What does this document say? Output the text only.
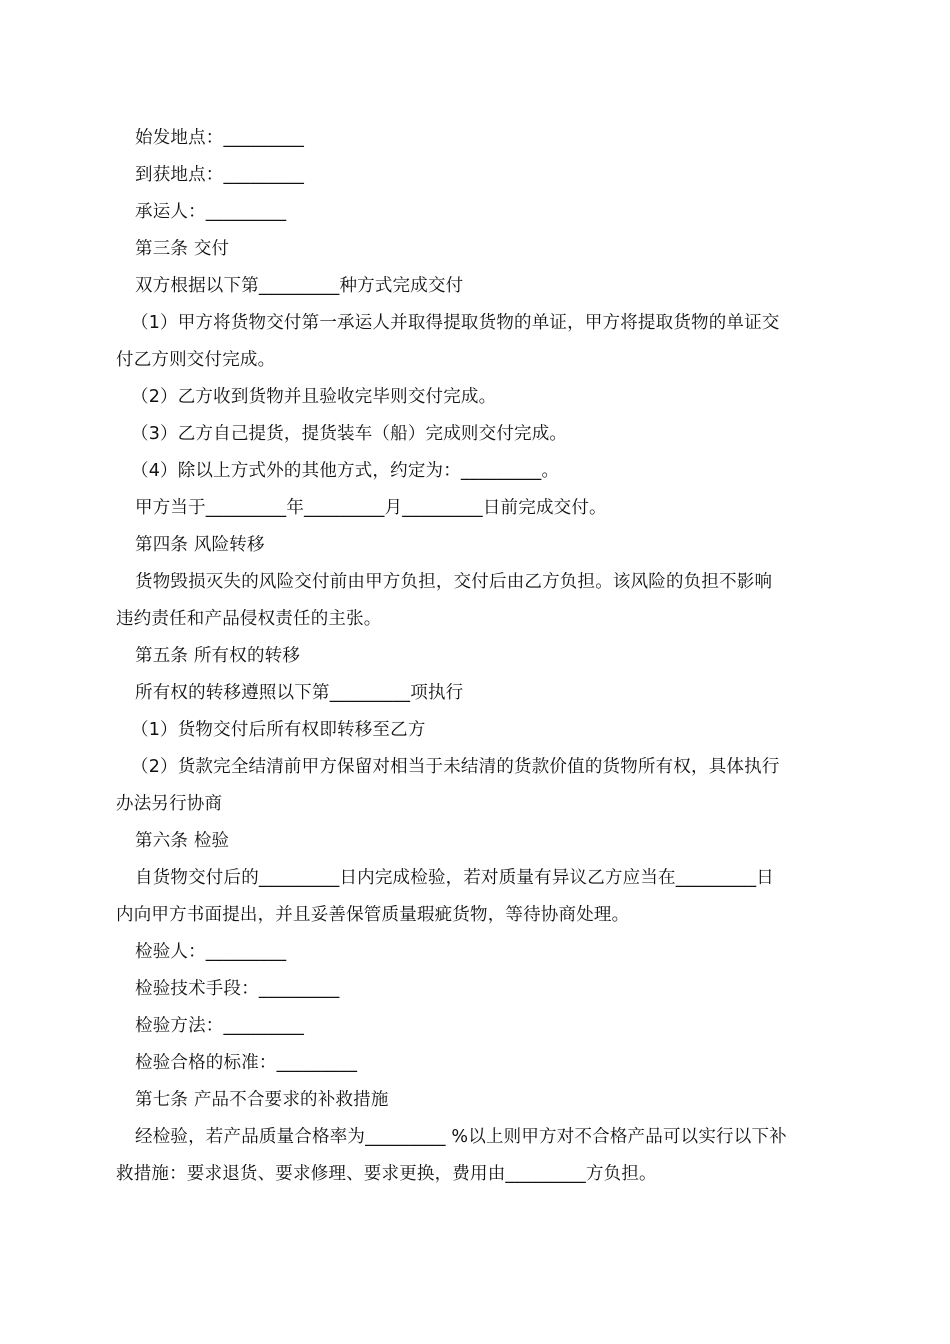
始发地点：_________
到获地点：_________
承运人：_________
第三条 交付
双方根据以下第_________种方式完成交付
（1）甲方将货物交付第一承运人并取得提取货物的单证，甲方将提取货物的单证交
付乙方则交付完成。
（2）乙方收到货物并且验收完毕则交付完成。
（3）乙方自己提货，提货装车（船）完成则交付完成。
（4）除以上方式外的其他方式，约定为：_________。
甲方当于_________年_________月_________日前完成交付。
第四条 风险转移
货物毁损灭失的风险交付前由甲方负担，交付后由乙方负担。该风险的负担不影响
违约责任和产品侵权责任的主张。
第五条 所有权的转移
所有权的转移遵照以下第_________项执行
（1）货物交付后所有权即转移至乙方
（2）货款完全结清前甲方保留对相当于未结清的货款价值的货物所有权，具体执行
办法另行协商
第六条 检验
自货物交付后的_________日内完成检验，若对质量有异议乙方应当在_________日
内向甲方书面提出，并且妥善保管质量瑕疵货物，等待协商处理。
检验人：_________
检验技术手段：_________
检验方法：_________
检验合格的标准：_________
第七条 产品不合要求的补救措施
经检验，若产品质量合格率为_________ %以上则甲方对不合格产品可以实行以下补
救措施：要求退货、要求修理、要求更换，费用由_________方负担。
